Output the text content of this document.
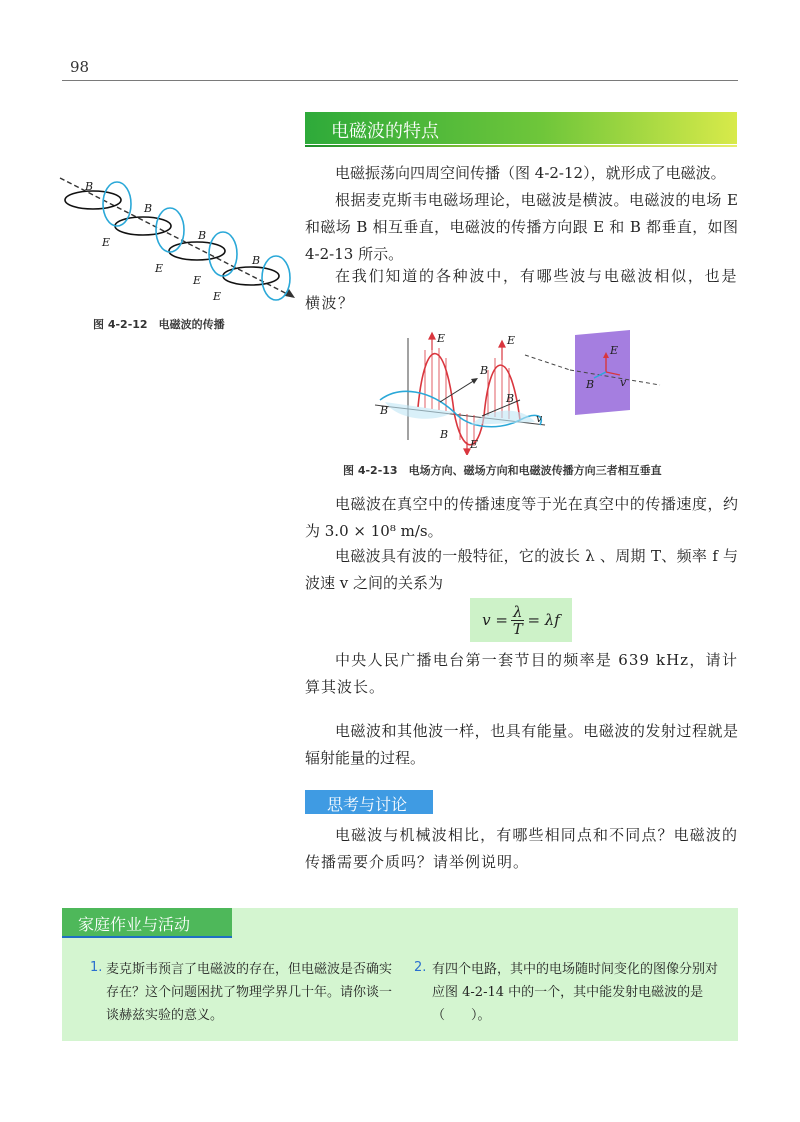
98
电磁波的特点
B
B
B
B
E
E
E
E
图 4-2-12　电磁波的传播

电磁振荡向四周空间传播（图 4-2-12），就形成了电磁波。

根据麦克斯韦电磁场理论，电磁波是横波。电磁波的电场 E 和磁场 B 相互垂直，电磁波的传播方向跟 E 和 B 都垂直，如图 4-2-13 所示。

在我们知道的各种波中，有哪些波与电磁波相似，也是横波？

E	E
E
E
B
B
B
B
B
v
v
图 4-2-13　电场方向、磁场方向和电磁波传播方向三者相互垂直

电磁波在真空中的传播速度等于光在真空中的传播速度，约为 3.0 × 10⁸ m/s。

电磁波具有波的一般特征，它的波长 λ 、周期 T、频率 f 与波速 v 之间的关系为

$v = \frac{\lambda}{T} = \lambda f$

中央人民广播电台第一套节目的频率是 639 kHz，请计算其波长。

电磁波和其他波一样，也具有能量。电磁波的发射过程就是辐射能量的过程。

思考与讨论

电磁波与机械波相比，有哪些相同点和不同点？电磁波的传播需要介质吗？请举例说明。

家庭作业与活动
1. 麦克斯韦预言了电磁波的存在，但电磁波是否确实存在？这个问题困扰了物理学界几十年。请你谈一谈赫兹实验的意义。

2. 有四个电路，其中的电场随时间变化的图像分别对应图 4-2-14 中的一个，其中能发射电磁波的是（　　）。
